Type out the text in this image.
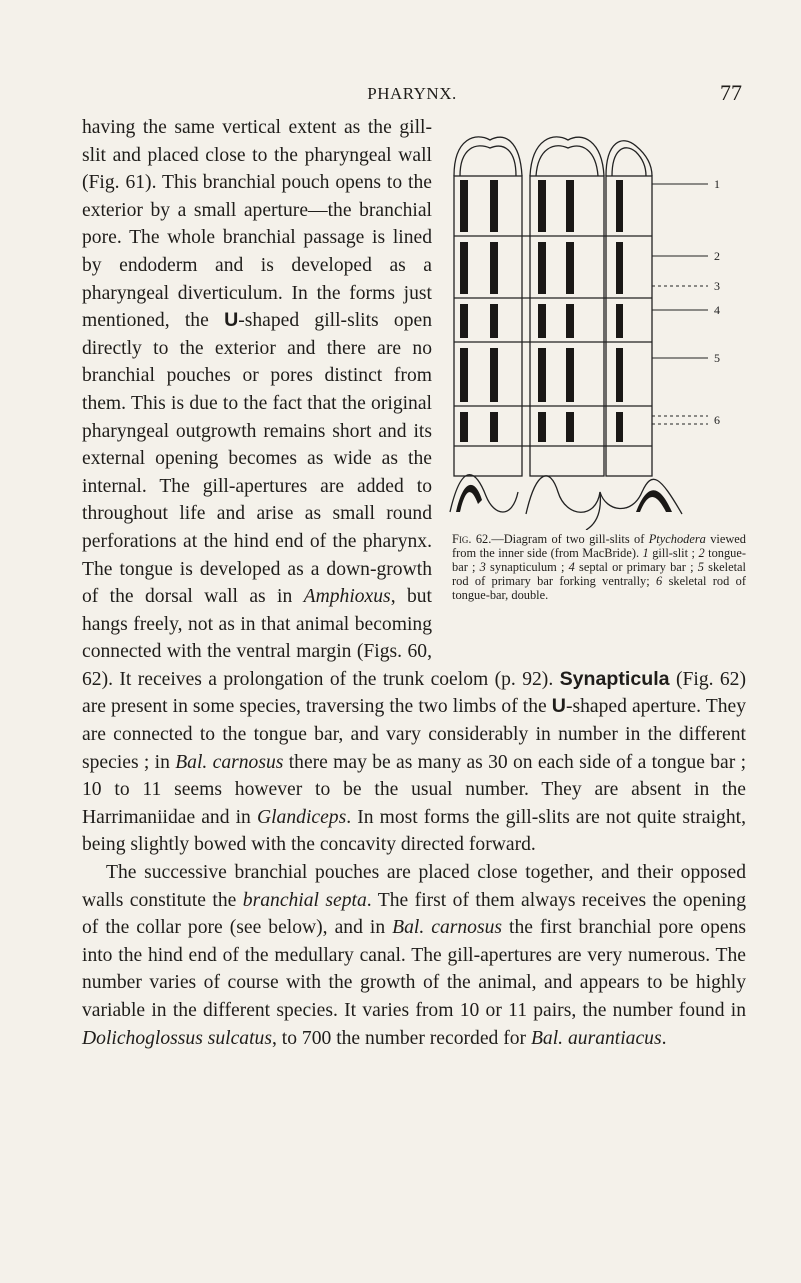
PHARYNX.	77
1
2
3
4
5
6
Fig. 62.—Diagram of two gill-slits of Ptychodera viewed from the inner side (from MacBride). 1 gill-slit ; 2 tongue-bar ; 3 synapticulum ; 4 septal or primary bar ; 5 skeletal rod of primary bar forking ventrally; 6 skeletal rod of tongue-bar, double.

having the same vertical extent as the gill-slit and placed close to the pharyngeal wall (Fig. 61). This branchial pouch opens to the exterior by a small aperture—the branchial pore. The whole branchial passage is lined by endoderm and is developed as a pharyngeal diverticulum. In the forms just mentioned, the U-shaped gill-slits open directly to the exterior and there are no branchial pouches or pores distinct from them. This is due to the fact that the original pharyngeal outgrowth remains short and its external opening becomes as wide as the internal. The gill-apertures are added to throughout life and arise as small round perforations at the hind end of the pharynx. The tongue is developed as a down-growth of the dorsal wall as in Amphioxus, but hangs freely, not as in that animal becoming connected with the ventral margin (Figs. 60, 62). It receives a prolongation of the trunk coelom (p. 92). Synapticula (Fig. 62) are present in some species, traversing the two limbs of the U-shaped aperture. They are connected to the tongue bar, and vary considerably in number in the different species ; in Bal. carnosus there may be as many as 30 on each side of a tongue bar ; 10 to 11 seems however to be the usual number. They are absent in the Harrimaniidae and in Glandiceps. In most forms the gill-slits are not quite straight, being slightly bowed with the concavity directed forward.

The successive branchial pouches are placed close together, and their opposed walls constitute the branchial septa. The first of them always receives the opening of the collar pore (see below), and in Bal. carnosus the first branchial pore opens into the hind end of the medullary canal. The gill-apertures are very numerous. The number varies of course with the growth of the animal, and appears to be highly variable in the different species. It varies from 10 or 11 pairs, the number found in Dolichoglossus sulcatus, to 700 the number recorded for Bal. aurantiacus.
